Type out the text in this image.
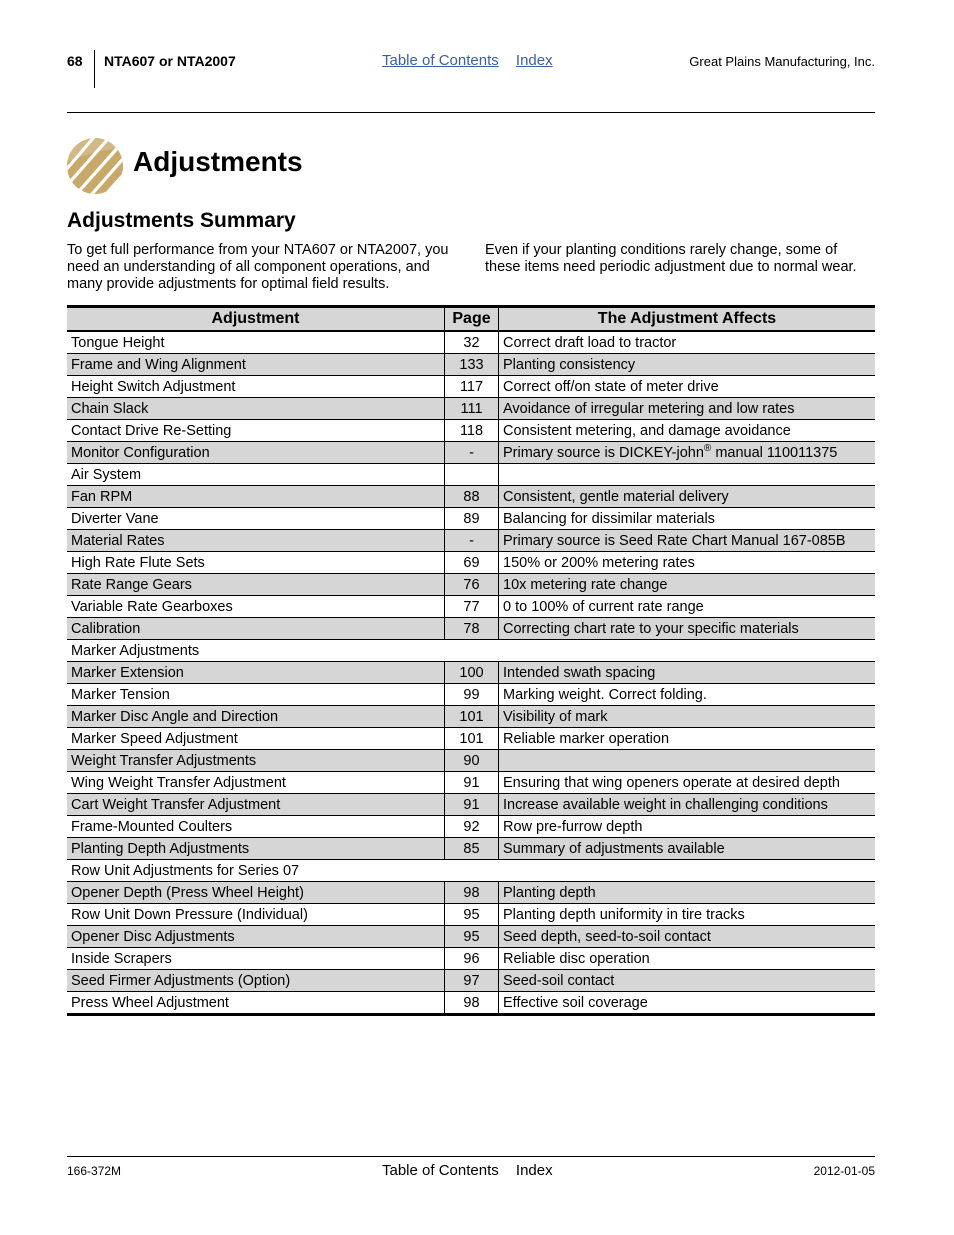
68 NTA607 or NTA2007	Table of Contents Index	Great Plains Manufacturing, Inc.
Adjustments
Adjustments Summary
To get full performance from your NTA607 or NTA2007, you need an understanding of all component operations, and many provide adjustments for optimal field results.
Even if your planting conditions rarely change, some of these items need periodic adjustment due to normal wear.
Adjustment	Page	The Adjustment Affects
Tongue Height	32	Correct draft load to tractor
Frame and Wing Alignment	133	Planting consistency
Height Switch Adjustment	117	Correct off/on state of meter drive
Chain Slack	111	Avoidance of irregular metering and low rates
Contact Drive Re-Setting	118	Consistent metering, and damage avoidance
Monitor Configuration	-	Primary source is DICKEY-john® manual 110011375
Air System		
Fan RPM	88	Consistent, gentle material delivery
Diverter Vane	89	Balancing for dissimilar materials
Material Rates	-	Primary source is Seed Rate Chart Manual 167-085B
High Rate Flute Sets	69	150% or 200% metering rates
Rate Range Gears	76	10x metering rate change
Variable Rate Gearboxes	77	0 to 100% of current rate range
Calibration	78	Correcting chart rate to your specific materials
Marker Adjustments		
Marker Extension	100	Intended swath spacing
Marker Tension	99	Marking weight. Correct folding.
Marker Disc Angle and Direction	101	Visibility of mark
Marker Speed Adjustment	101	Reliable marker operation
Weight Transfer Adjustments	90	
Wing Weight Transfer Adjustment	91	Ensuring that wing openers operate at desired depth
Cart Weight Transfer Adjustment	91	Increase available weight in challenging conditions
Frame-Mounted Coulters	92	Row pre-furrow depth
Planting Depth Adjustments	85	Summary of adjustments available
Row Unit Adjustments for Series 07		
Opener Depth (Press Wheel Height)	98	Planting depth
Row Unit Down Pressure (Individual)	95	Planting depth uniformity in tire tracks
Opener Disc Adjustments	95	Seed depth, seed-to-soil contact
Inside Scrapers	96	Reliable disc operation
Seed Firmer Adjustments (Option)	97	Seed-soil contact
Press Wheel Adjustment	98	Effective soil coverage
166-372M	Table of Contents Index	2012-01-05
